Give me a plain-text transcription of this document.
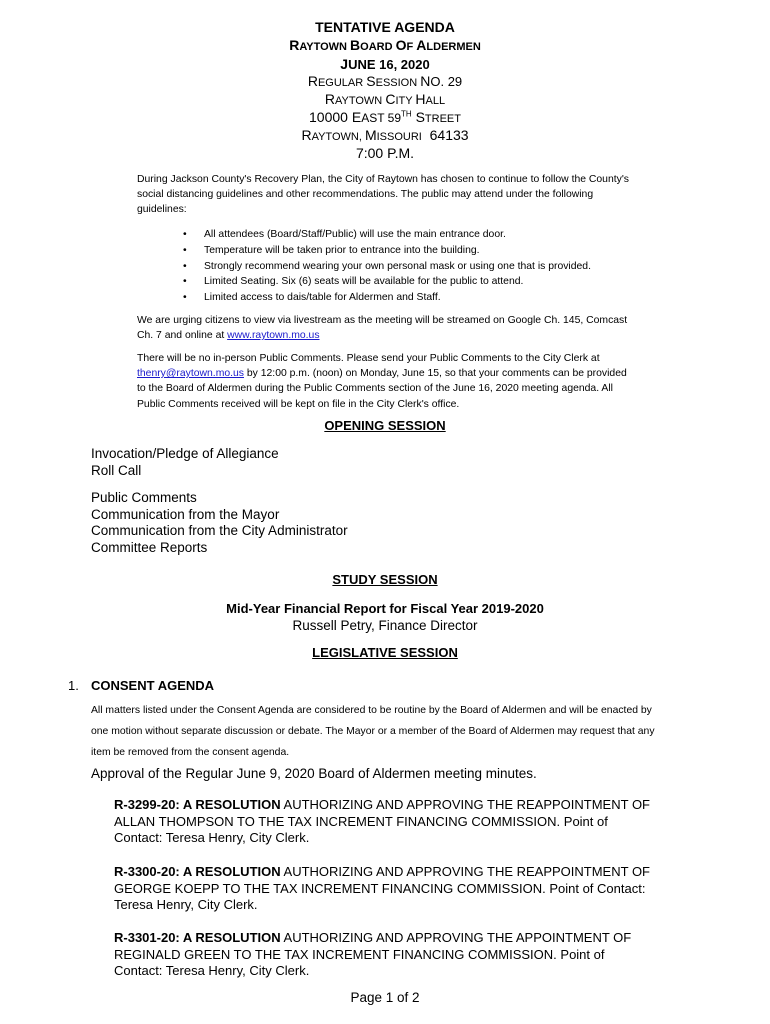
TENTATIVE AGENDA
RAYTOWN BOARD OF ALDERMEN
JUNE 16, 2020
REGULAR SESSION NO. 29
RAYTOWN CITY HALL
10000 EAST 59TH STREET
RAYTOWN, MISSOURI  64133
7:00 P.M.
During Jackson County's Recovery Plan, the City of Raytown has chosen to continue to follow the County's social distancing guidelines and other recommendations. The public may attend under the following guidelines:
• All attendees (Board/Staff/Public) will use the main entrance door.
• Temperature will be taken prior to entrance into the building.
• Strongly recommend wearing your own personal mask or using one that is provided.
• Limited Seating. Six (6) seats will be available for the public to attend.
• Limited access to dais/table for Aldermen and Staff.
We are urging citizens to view via livestream as the meeting will be streamed on Google Ch. 145, Comcast Ch. 7 and online at www.raytown.mo.us
There will be no in-person Public Comments. Please send your Public Comments to the City Clerk at thenry@raytown.mo.us by 12:00 p.m. (noon) on Monday, June 15, so that your comments can be provided to the Board of Aldermen during the Public Comments section of the June 16, 2020 meeting agenda. All Public Comments received will be kept on file in the City Clerk's office.
OPENING SESSION
Invocation/Pledge of Allegiance
Roll Call
Public Comments
Communication from the Mayor
Communication from the City Administrator
Committee Reports
STUDY SESSION
Mid-Year Financial Report for Fiscal Year 2019-2020
Russell Petry, Finance Director
LEGISLATIVE SESSION
1. CONSENT AGENDA
All matters listed under the Consent Agenda are considered to be routine by the Board of Aldermen and will be enacted by one motion without separate discussion or debate. The Mayor or a member of the Board of Aldermen may request that any item be removed from the consent agenda.
Approval of the Regular June 9, 2020 Board of Aldermen meeting minutes.
R-3299-20: A RESOLUTION AUTHORIZING AND APPROVING THE REAPPOINTMENT OF ALLAN THOMPSON TO THE TAX INCREMENT FINANCING COMMISSION. Point of Contact: Teresa Henry, City Clerk.
R-3300-20: A RESOLUTION AUTHORIZING AND APPROVING THE REAPPOINTMENT OF GEORGE KOEPP TO THE TAX INCREMENT FINANCING COMMISSION. Point of Contact: Teresa Henry, City Clerk.
R-3301-20: A RESOLUTION AUTHORIZING AND APPROVING THE APPOINTMENT OF REGINALD GREEN TO THE TAX INCREMENT FINANCING COMMISSION. Point of Contact: Teresa Henry, City Clerk.
Page 1 of 2
